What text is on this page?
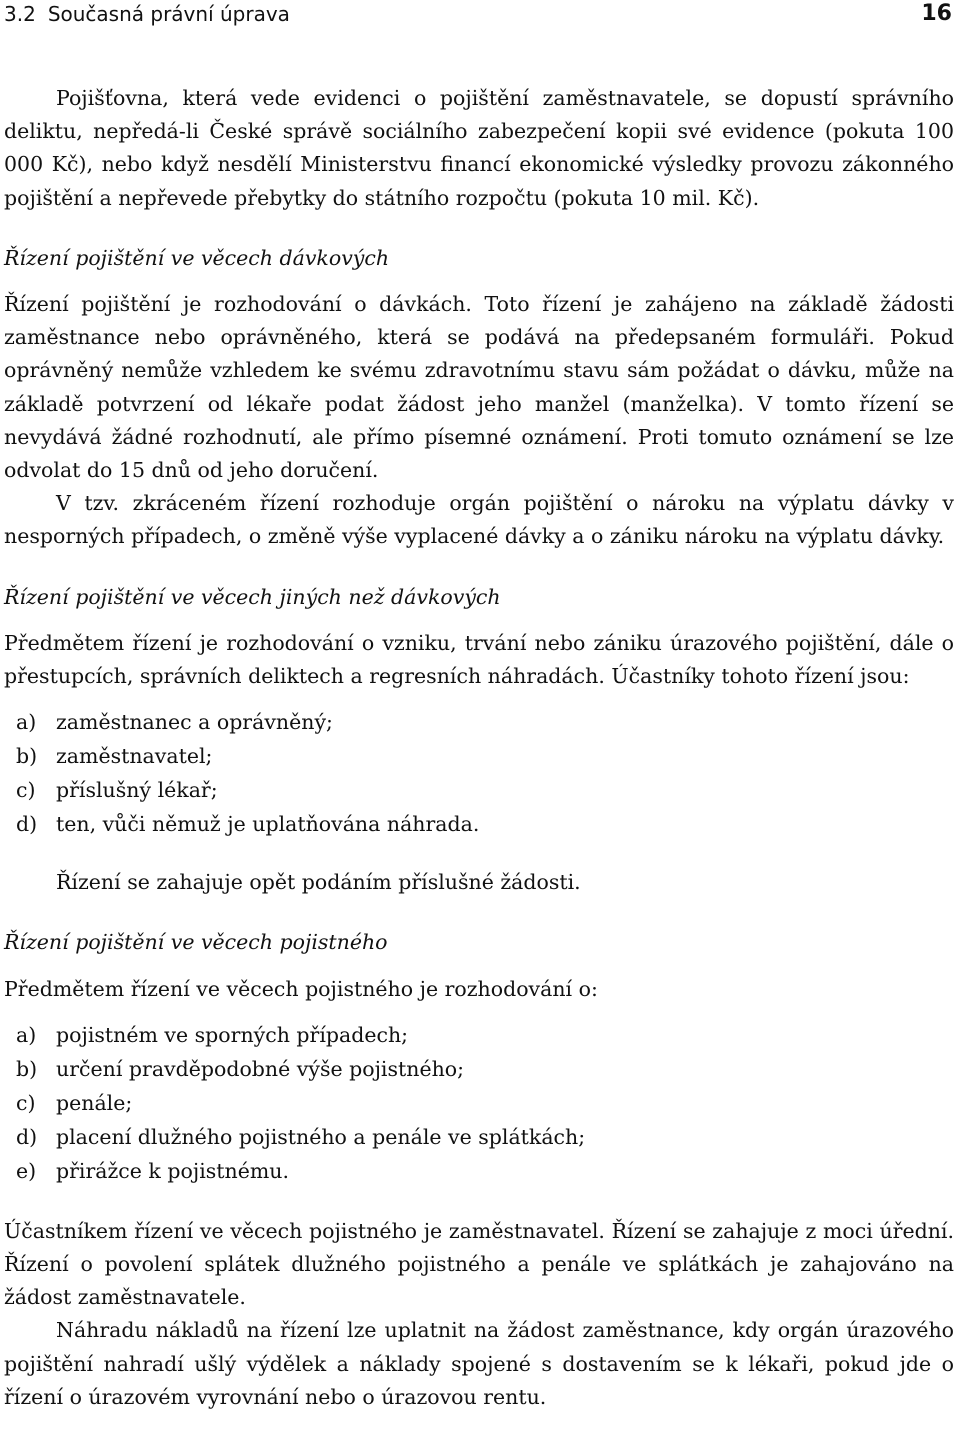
3.2 Současná právní úprava	16

Pojišťovna, která vede evidenci o pojištění zaměstnavatele, se dopustí správního deliktu, nepředá-li České správě sociálního zabezpečení kopii své evidence (pokuta 100 000 Kč), nebo když nesdělí Ministerstvu financí ekonomické výsledky provozu zákonného pojištění a nepřevede přebytky do státního rozpočtu (pokuta 10 mil. Kč).

Řízení pojištění ve věcech dávkových

Řízení pojištění je rozhodování o dávkách. Toto řízení je zahájeno na základě žádosti zaměstnance nebo oprávněného, která se podává na předepsaném formuláři. Pokud oprávněný nemůže vzhledem ke svému zdravotnímu stavu sám požádat o dávku, může na základě potvrzení od lékaře podat žádost jeho manžel (manželka). V tomto řízení se nevydává žádné rozhodnutí, ale přímo písemné oznámení. Proti tomuto oznámení se lze odvolat do 15 dnů od jeho doručení.

V tzv. zkráceném řízení rozhoduje orgán pojištění o nároku na výplatu dávky v nesporných případech, o změně výše vyplacené dávky a o zániku nároku na výplatu dávky.

Řízení pojištění ve věcech jiných než dávkových

Předmětem řízení je rozhodování o vzniku, trvání nebo zániku úrazového pojištění, dále o přestupcích, správních deliktech a regresních náhradách. Účastníky tohoto řízení jsou:

a) zaměstnanec a oprávněný;
b) zaměstnavatel;
c)	příslušný lékař;
d) ten, vůči němuž je uplatňována náhrada.

Řízení se zahajuje opět podáním příslušné žádosti.

Řízení pojištění ve věcech pojistného

Předmětem řízení ve věcech pojistného je rozhodování o:

a) pojistném ve sporných případech;
b) určení pravděpodobné výše pojistného;
c)	penále;
d) placení dlužného pojistného a penále ve splátkách;
e) přirážce k pojistnému.

Účastníkem řízení ve věcech pojistného je zaměstnavatel. Řízení se zahajuje z moci úřední. Řízení o povolení splátek dlužného pojistného a penále ve splátkách je zahajováno na žádost zaměstnavatele.

Náhradu nákladů na řízení lze uplatnit na žádost zaměstnance, kdy orgán úrazového pojištění nahradí ušlý výdělek a náklady spojené s dostavením se k lékaři, pokud jde o řízení o úrazovém vyrovnání nebo o úrazovou rentu.
